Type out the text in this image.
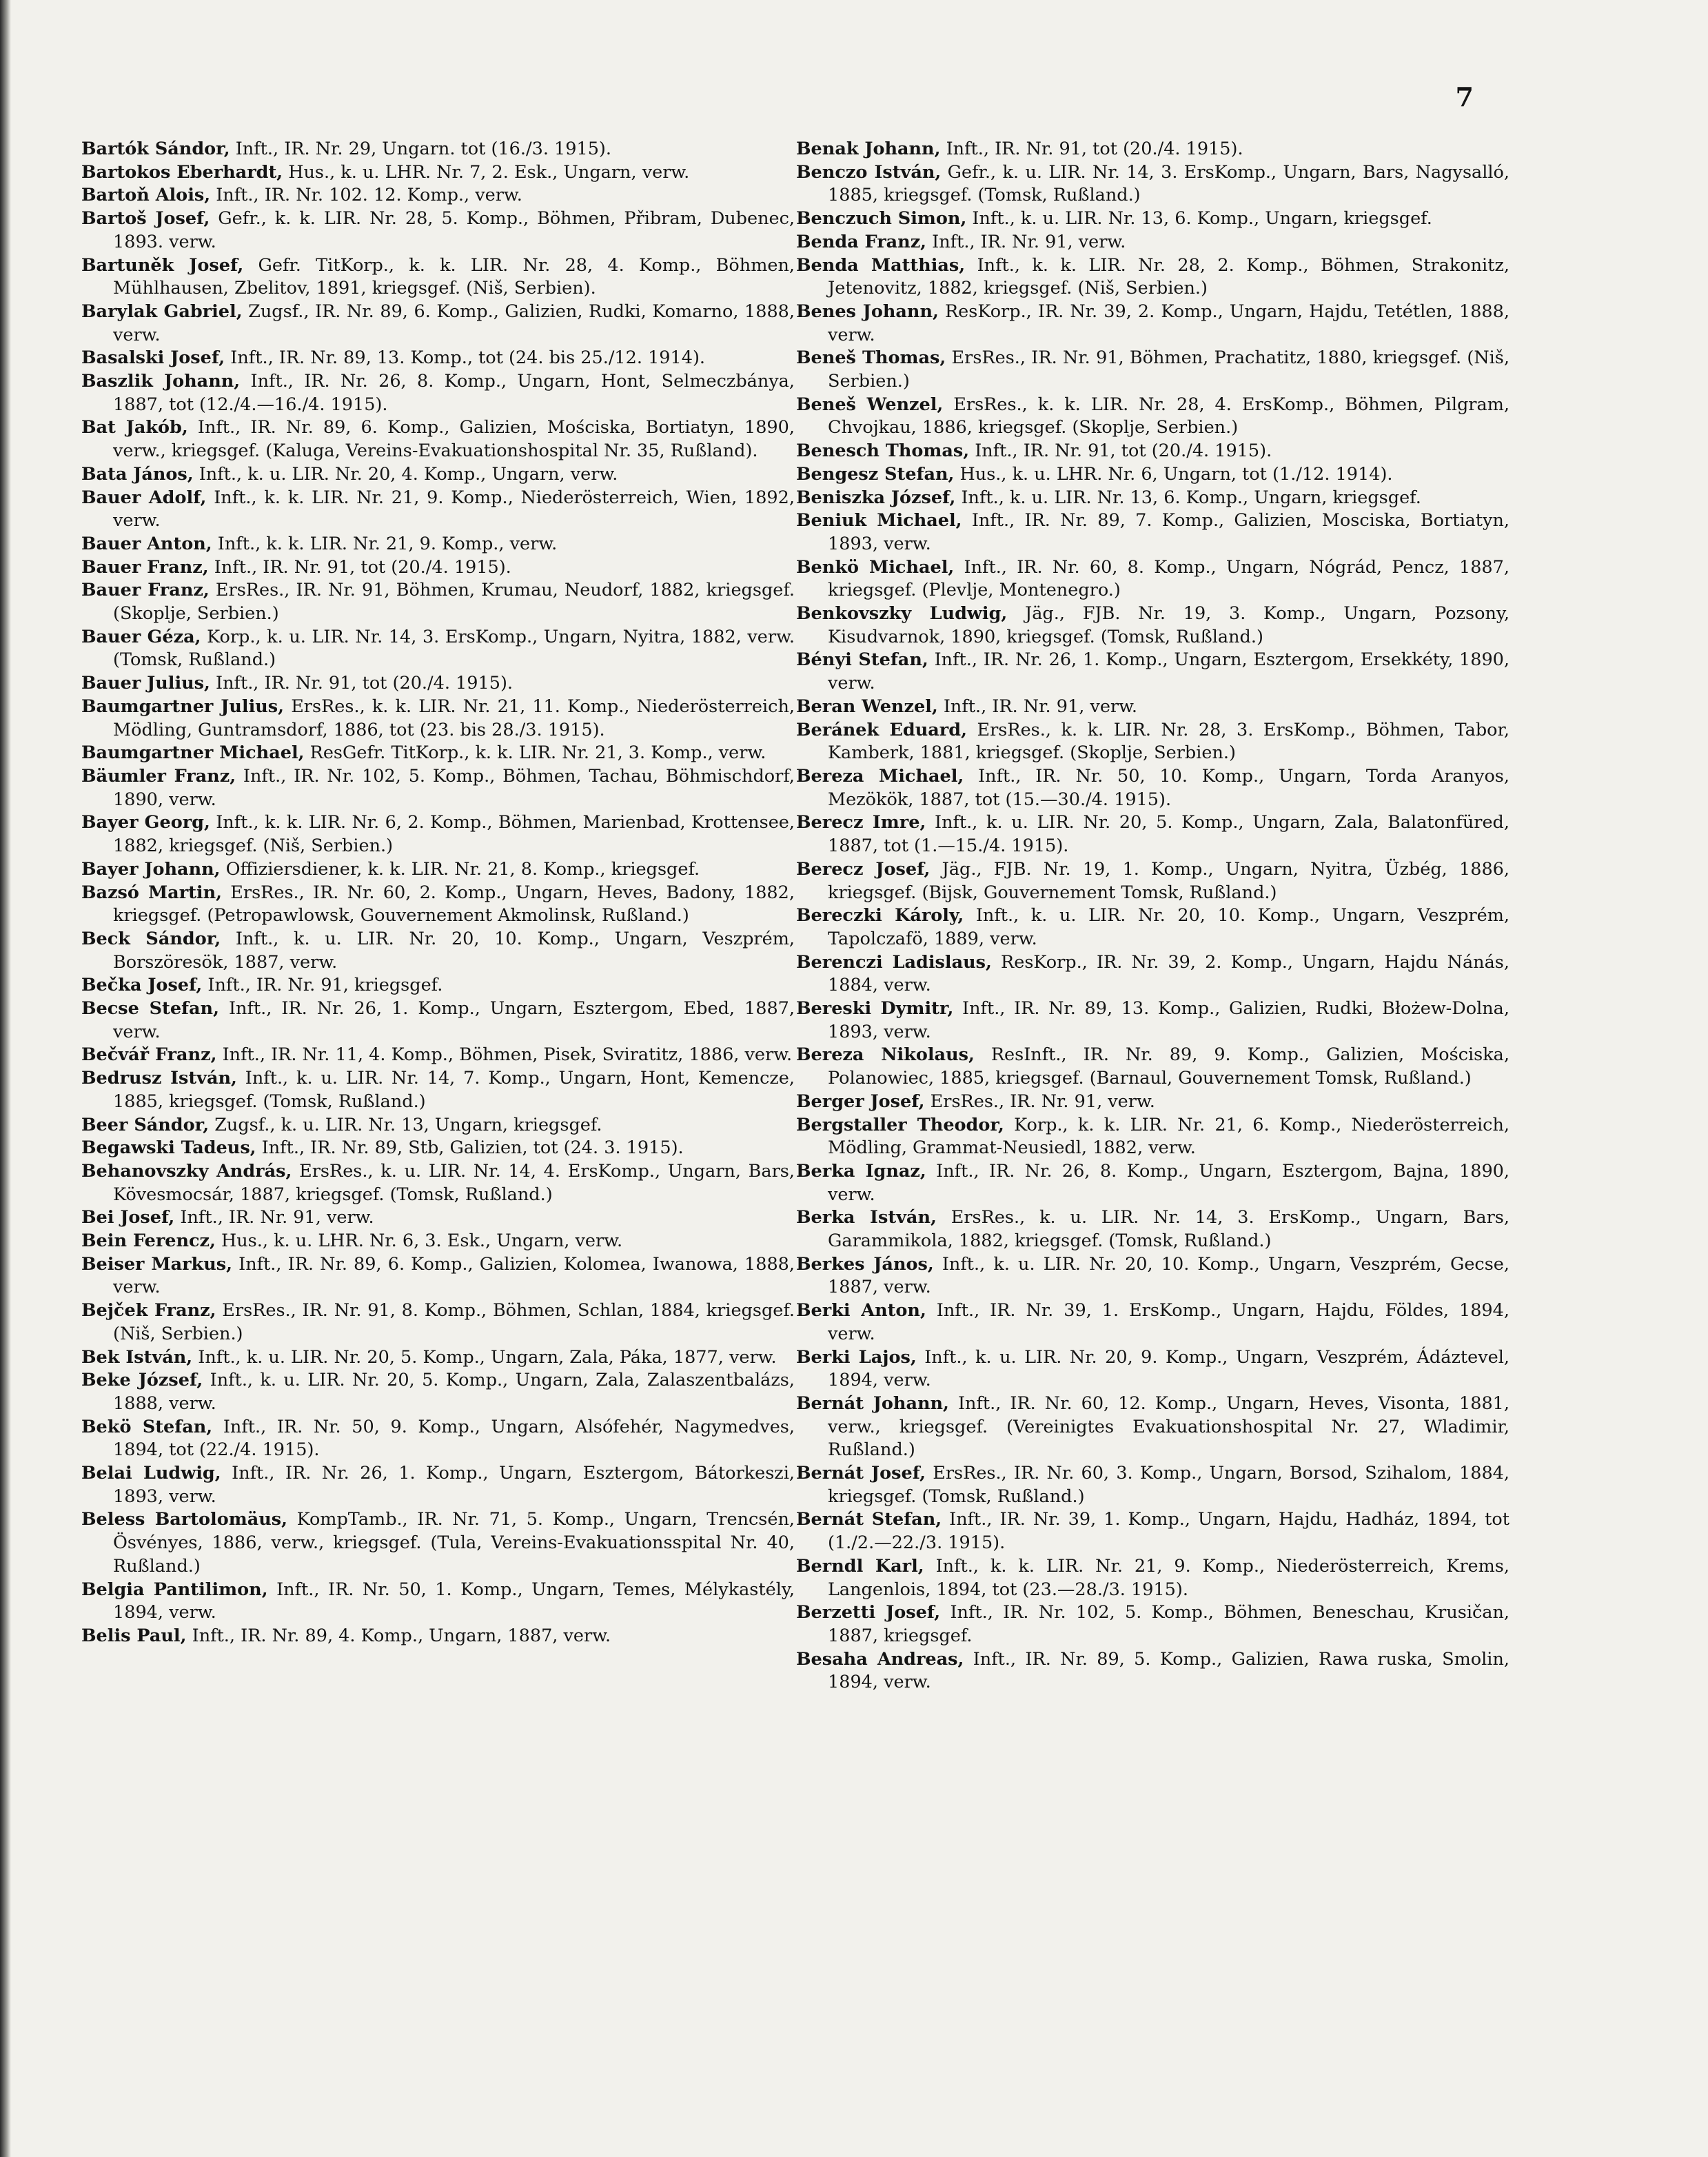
7

Bartók Sándor, Inft., IR. Nr. 29, Ungarn. tot (16./3. 1915).

Bartokos Eberhardt, Hus., k. u. LHR. Nr. 7, 2. Esk., Ungarn, verw.

Bartoň Alois, Inft., IR. Nr. 102. 12. Komp., verw.

Bartoš Josef, Gefr., k. k. LIR. Nr. 28, 5. Komp., Böhmen, Přibram, Dubenec, 1893. verw.

Bartuněk Josef, Gefr. TitKorp., k. k. LIR. Nr. 28, 4. Komp., Böhmen, Mühlhausen, Zbelitov, 1891, kriegsgef. (Niš, Serbien).

Barylak Gabriel, Zugsf., IR. Nr. 89, 6. Komp., Galizien, Rudki, Komarno, 1888, verw.

Basalski Josef, Inft., IR. Nr. 89, 13. Komp., tot (24. bis 25./12. 1914).

Baszlik Johann, Inft., IR. Nr. 26, 8. Komp., Ungarn, Hont, Selmeczbánya, 1887, tot (12./4.—16./4. 1915).

Bat Jakób, Inft., IR. Nr. 89, 6. Komp., Galizien, Mościska, Bortiatyn, 1890, verw., kriegsgef. (Kaluga, Vereins-Evakuationshospital Nr. 35, Rußland).

Bata János, Inft., k. u. LIR. Nr. 20, 4. Komp., Ungarn, verw.

Bauer Adolf, Inft., k. k. LIR. Nr. 21, 9. Komp., Niederösterreich, Wien, 1892, verw.

Bauer Anton, Inft., k. k. LIR. Nr. 21, 9. Komp., verw.

Bauer Franz, Inft., IR. Nr. 91, tot (20./4. 1915).

Bauer Franz, ErsRes., IR. Nr. 91, Böhmen, Krumau, Neudorf, 1882, kriegsgef. (Skoplje, Serbien.)

Bauer Géza, Korp., k. u. LIR. Nr. 14, 3. ErsKomp., Ungarn, Nyitra, 1882, verw. (Tomsk, Rußland.)

Bauer Julius, Inft., IR. Nr. 91, tot (20./4. 1915).

Baumgartner Julius, ErsRes., k. k. LIR. Nr. 21, 11. Komp., Niederösterreich, Mödling, Guntramsdorf, 1886, tot (23. bis 28./3. 1915).

Baumgartner Michael, ResGefr. TitKorp., k. k. LIR. Nr. 21, 3. Komp., verw.

Bäumler Franz, Inft., IR. Nr. 102, 5. Komp., Böhmen, Tachau, Böhmischdorf, 1890, verw.

Bayer Georg, Inft., k. k. LIR. Nr. 6, 2. Komp., Böhmen, Marienbad, Krottensee, 1882, kriegsgef. (Niš, Serbien.)

Bayer Johann, Offiziersdiener, k. k. LIR. Nr. 21, 8. Komp., kriegsgef.

Bazsó Martin, ErsRes., IR. Nr. 60, 2. Komp., Ungarn, Heves, Badony, 1882, kriegsgef. (Petropawlowsk, Gouvernement Akmolinsk, Rußland.)

Beck Sándor, Inft., k. u. LIR. Nr. 20, 10. Komp., Ungarn, Veszprém, Borszöresök, 1887, verw.

Bečka Josef, Inft., IR. Nr. 91, kriegsgef.

Becse Stefan, Inft., IR. Nr. 26, 1. Komp., Ungarn, Esztergom, Ebed, 1887, verw.

Bečvář Franz, Inft., IR. Nr. 11, 4. Komp., Böhmen, Pisek, Sviratitz, 1886, verw.

Bedrusz István, Inft., k. u. LIR. Nr. 14, 7. Komp., Ungarn, Hont, Kemencze, 1885, kriegsgef. (Tomsk, Rußland.)

Beer Sándor, Zugsf., k. u. LIR. Nr. 13, Ungarn, kriegsgef.

Begawski Tadeus, Inft., IR. Nr. 89, Stb, Galizien, tot (24. 3. 1915).

Behanovszky András, ErsRes., k. u. LIR. Nr. 14, 4. ErsKomp., Ungarn, Bars, Kövesmocsár, 1887, kriegsgef. (Tomsk, Rußland.)

Bei Josef, Inft., IR. Nr. 91, verw.

Bein Ferencz, Hus., k. u. LHR. Nr. 6, 3. Esk., Ungarn, verw.

Beiser Markus, Inft., IR. Nr. 89, 6. Komp., Galizien, Kolomea, Iwanowa, 1888, verw.

Bejček Franz, ErsRes., IR. Nr. 91, 8. Komp., Böhmen, Schlan, 1884, kriegsgef. (Niš, Serbien.)

Bek István, Inft., k. u. LIR. Nr. 20, 5. Komp., Ungarn, Zala, Páka, 1877, verw.

Beke József, Inft., k. u. LIR. Nr. 20, 5. Komp., Ungarn, Zala, Zalaszentbalázs, 1888, verw.

Bekö Stefan, Inft., IR. Nr. 50, 9. Komp., Ungarn, Alsófehér, Nagymedves, 1894, tot (22./4. 1915).

Belai Ludwig, Inft., IR. Nr. 26, 1. Komp., Ungarn, Esztergom, Bátorkeszi, 1893, verw.

Beless Bartolomäus, KompTamb., IR. Nr. 71, 5. Komp., Ungarn, Trencsén, Ösvényes, 1886, verw., kriegsgef. (Tula, Vereins-Evakuationsspital Nr. 40, Rußland.)

Belgia Pantilimon, Inft., IR. Nr. 50, 1. Komp., Ungarn, Temes, Mélykastély, 1894, verw.

Belis Paul, Inft., IR. Nr. 89, 4. Komp., Ungarn, 1887, verw.

Benak Johann, Inft., IR. Nr. 91, tot (20./4. 1915).

Benczo István, Gefr., k. u. LIR. Nr. 14, 3. ErsKomp., Ungarn, Bars, Nagysalló, 1885, kriegsgef. (Tomsk, Rußland.)

Benczuch Simon, Inft., k. u. LIR. Nr. 13, 6. Komp., Ungarn, kriegsgef.

Benda Franz, Inft., IR. Nr. 91, verw.

Benda Matthias, Inft., k. k. LIR. Nr. 28, 2. Komp., Böhmen, Strakonitz, Jetenovitz, 1882, kriegsgef. (Niš, Serbien.)

Benes Johann, ResKorp., IR. Nr. 39, 2. Komp., Ungarn, Hajdu, Tetétlen, 1888, verw.

Beneš Thomas, ErsRes., IR. Nr. 91, Böhmen, Prachatitz, 1880, kriegsgef. (Niš, Serbien.)

Beneš Wenzel, ErsRes., k. k. LIR. Nr. 28, 4. ErsKomp., Böhmen, Pilgram, Chvojkau, 1886, kriegsgef. (Skoplje, Serbien.)

Benesch Thomas, Inft., IR. Nr. 91, tot (20./4. 1915).

Bengesz Stefan, Hus., k. u. LHR. Nr. 6, Ungarn, tot (1./12. 1914).

Beniszka József, Inft., k. u. LIR. Nr. 13, 6. Komp., Ungarn, kriegsgef.

Beniuk Michael, Inft., IR. Nr. 89, 7. Komp., Galizien, Mosciska, Bortiatyn, 1893, verw.

Benkö Michael, Inft., IR. Nr. 60, 8. Komp., Ungarn, Nógrád, Pencz, 1887, kriegsgef. (Plevlje, Montenegro.)

Benkovszky Ludwig, Jäg., FJB. Nr. 19, 3. Komp., Ungarn, Pozsony, Kisudvarnok, 1890, kriegsgef. (Tomsk, Rußland.)

Bényi Stefan, Inft., IR. Nr. 26, 1. Komp., Ungarn, Esztergom, Ersekkéty, 1890, verw.

Beran Wenzel, Inft., IR. Nr. 91, verw.

Beránek Eduard, ErsRes., k. k. LIR. Nr. 28, 3. ErsKomp., Böhmen, Tabor, Kamberk, 1881, kriegsgef. (Skoplje, Serbien.)

Bereza Michael, Inft., IR. Nr. 50, 10. Komp., Ungarn, Torda Aranyos, Mezökök, 1887, tot (15.—30./4. 1915).

Berecz Imre, Inft., k. u. LIR. Nr. 20, 5. Komp., Ungarn, Zala, Balatonfüred, 1887, tot (1.—15./4. 1915).

Berecz Josef, Jäg., FJB. Nr. 19, 1. Komp., Ungarn, Nyitra, Üzbég, 1886, kriegsgef. (Bijsk, Gouvernement Tomsk, Rußland.)

Bereczki Károly, Inft., k. u. LIR. Nr. 20, 10. Komp., Ungarn, Veszprém, Tapolczafö, 1889, verw.

Berenczi Ladislaus, ResKorp., IR. Nr. 39, 2. Komp., Ungarn, Hajdu Nánás, 1884, verw.

Bereski Dymitr, Inft., IR. Nr. 89, 13. Komp., Galizien, Rudki, Błożew-Dolna, 1893, verw.

Bereza Nikolaus, ResInft., IR. Nr. 89, 9. Komp., Galizien, Mościska, Polanowiec, 1885, kriegsgef. (Barnaul, Gouvernement Tomsk, Rußland.)

Berger Josef, ErsRes., IR. Nr. 91, verw.

Bergstaller Theodor, Korp., k. k. LIR. Nr. 21, 6. Komp., Niederösterreich, Mödling, Grammat-Neusiedl, 1882, verw.

Berka Ignaz, Inft., IR. Nr. 26, 8. Komp., Ungarn, Esztergom, Bajna, 1890, verw.

Berka István, ErsRes., k. u. LIR. Nr. 14, 3. ErsKomp., Ungarn, Bars, Garammikola, 1882, kriegsgef. (Tomsk, Rußland.)

Berkes János, Inft., k. u. LIR. Nr. 20, 10. Komp., Ungarn, Veszprém, Gecse, 1887, verw.

Berki Anton, Inft., IR. Nr. 39, 1. ErsKomp., Ungarn, Hajdu, Földes, 1894, verw.

Berki Lajos, Inft., k. u. LIR. Nr. 20, 9. Komp., Ungarn, Veszprém, Ádáztevel, 1894, verw.

Bernát Johann, Inft., IR. Nr. 60, 12. Komp., Ungarn, Heves, Visonta, 1881, verw., kriegsgef. (Vereinigtes Evakuationshospital Nr. 27, Wladimir, Rußland.)

Bernát Josef, ErsRes., IR. Nr. 60, 3. Komp., Ungarn, Borsod, Szihalom, 1884, kriegsgef. (Tomsk, Rußland.)

Bernát Stefan, Inft., IR. Nr. 39, 1. Komp., Ungarn, Hajdu, Hadház, 1894, tot (1./2.—22./3. 1915).

Berndl Karl, Inft., k. k. LIR. Nr. 21, 9. Komp., Niederösterreich, Krems, Langenlois, 1894, tot (23.—28./3. 1915).

Berzetti Josef, Inft., IR. Nr. 102, 5. Komp., Böhmen, Beneschau, Krusičan, 1887, kriegsgef.

Besaha Andreas, Inft., IR. Nr. 89, 5. Komp., Galizien, Rawa ruska, Smolin, 1894, verw.
